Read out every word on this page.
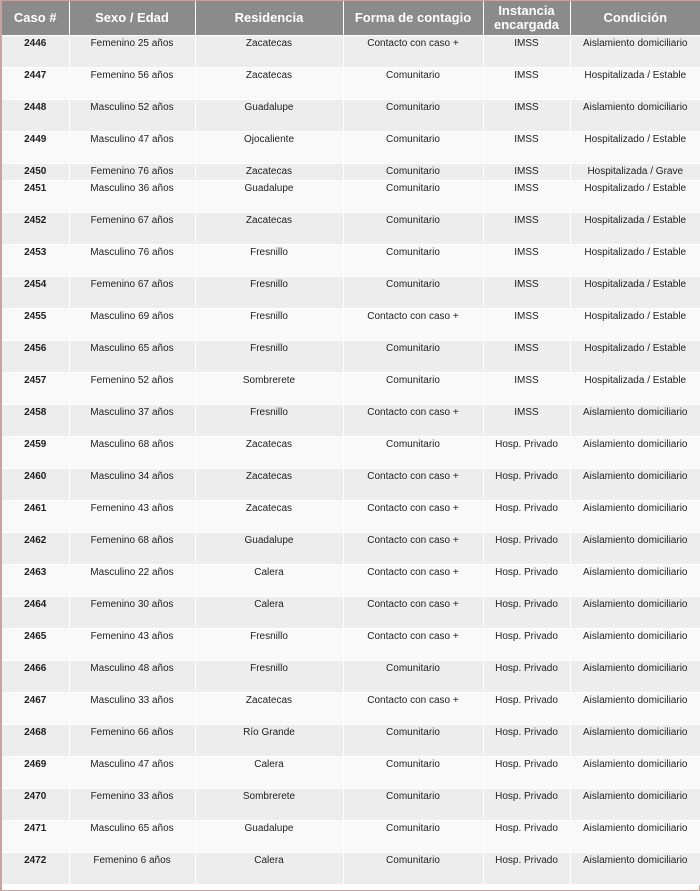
Caso #	Sexo / Edad	Residencia	Forma de contagio	Instancia encargada	Condición
2446	Femenino 25 años	Zacatecas	Contacto con caso +	IMSS	Aislamiento domiciliario
2447	Femenino 56 años	Zacatecas	Comunitario	IMSS	Hospitalizada / Estable
2448	Masculino 52 años	Guadalupe	Comunitario	IMSS	Aislamiento domiciliario
2449	Masculino 47 años	Ojocaliente	Comunitario	IMSS	Hospitalizado / Estable
2450	Femenino 76 años	Zacatecas	Comunitario	IMSS	Hospitalizada / Grave
2451	Masculino 36 años	Guadalupe	Comunitario	IMSS	Hospitalizado / Estable
2452	Femenino 67 años	Zacatecas	Comunitario	IMSS	Hospitalizada / Estable
2453	Masculino 76 años	Fresnillo	Comunitario	IMSS	Hospitalizado / Estable
2454	Femenino 67 años	Fresnillo	Comunitario	IMSS	Hospitalizada / Estable
2455	Masculino 69 años	Fresnillo	Contacto con caso +	IMSS	Hospitalizado / Estable
2456	Masculino 65 años	Fresnillo	Comunitario	IMSS	Hospitalizado / Estable
2457	Femenino 52 años	Sombrerete	Comunitario	IMSS	Hospitalizada / Estable
2458	Masculino 37 años	Fresnillo	Contacto con caso +	IMSS	Aislamiento domiciliario
2459	Masculino 68 años	Zacatecas	Comunitario	Hosp. Privado	Aislamiento domiciliario
2460	Masculino 34 años	Zacatecas	Contacto con caso +	Hosp. Privado	Aislamiento domiciliario
2461	Femenino 43 años	Zacatecas	Contacto con caso +	Hosp. Privado	Aislamiento domiciliario
2462	Femenino 68 años	Guadalupe	Contacto con caso +	Hosp. Privado	Aislamiento domiciliario
2463	Masculino 22 años	Calera	Contacto con caso +	Hosp. Privado	Aislamiento domiciliario
2464	Femenino 30 años	Calera	Contacto con caso +	Hosp. Privado	Aislamiento domiciliario
2465	Femenino 43 años	Fresnillo	Contacto con caso +	Hosp. Privado	Aislamiento domiciliario
2466	Masculino 48 años	Fresnillo	Comunitario	Hosp. Privado	Aislamiento domiciliario
2467	Masculino 33 años	Zacatecas	Contacto con caso +	Hosp. Privado	Aislamiento domiciliario
2468	Femenino 66 años	Río Grande	Comunitario	Hosp. Privado	Aislamiento domiciliario
2469	Masculino 47 años	Calera	Comunitario	Hosp. Privado	Aislamiento domiciliario
2470	Femenino 33 años	Sombrerete	Comunitario	Hosp. Privado	Aislamiento domiciliario
2471	Masculino 65 años	Guadalupe	Comunitario	Hosp. Privado	Aislamiento domiciliario
2472	Femenino 6 años	Calera	Comunitario	Hosp. Privado	Aislamiento domiciliario
